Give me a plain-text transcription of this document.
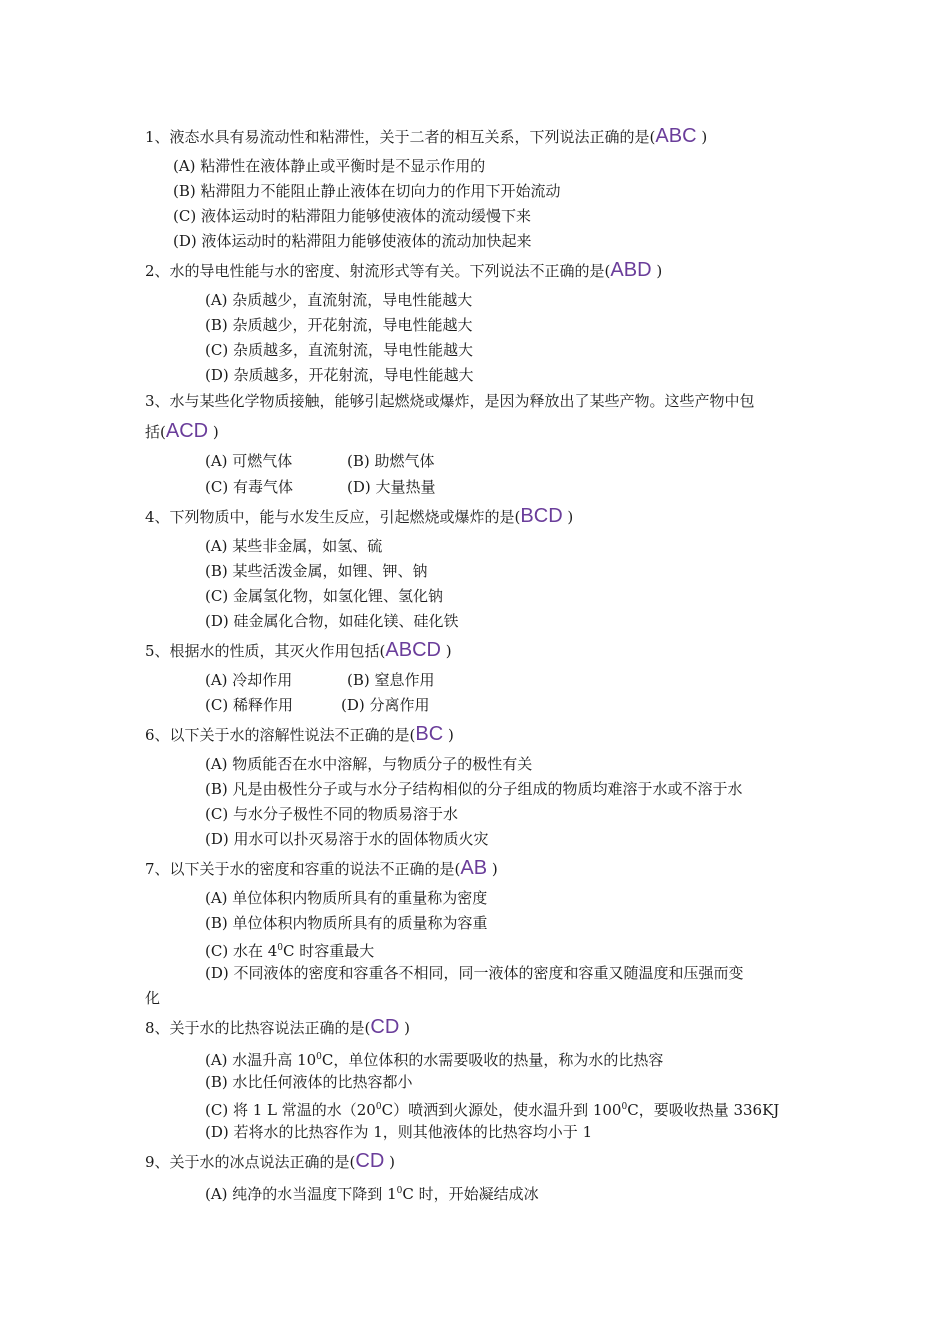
1、液态水具有易流动性和粘滞性，关于二者的相互关系，下列说法正确的是(ABC )
(A) 粘滞性在液体静止或平衡时是不显示作用的
(B) 粘滞阻力不能阻止静止液体在切向力的作用下开始流动
(C) 液体运动时的粘滞阻力能够使液体的流动缓慢下来
(D) 液体运动时的粘滞阻力能够使液体的流动加快起来
2、水的导电性能与水的密度、射流形式等有关。下列说法不正确的是(ABD )
(A) 杂质越少，直流射流，导电性能越大
(B) 杂质越少，开花射流，导电性能越大
(C) 杂质越多，直流射流，导电性能越大
(D) 杂质越多，开花射流，导电性能越大
3、水与某些化学物质接触，能够引起燃烧或爆炸，是因为释放出了某些产物。这些产物中包
括(ACD )
(A) 可燃气体	(B) 助燃气体
(C) 有毒气体	(D) 大量热量
4、下列物质中，能与水发生反应，引起燃烧或爆炸的是(BCD )
(A) 某些非金属，如氢、硫
(B) 某些活泼金属，如锂、钾、钠
(C) 金属氢化物，如氢化锂、氢化钠
(D) 硅金属化合物，如硅化镁、硅化铁
5、根据水的性质，其灭火作用包括(ABCD )
(A) 冷却作用	(B) 窒息作用
(C) 稀释作用	(D) 分离作用
6、以下关于水的溶解性说法不正确的是(BC )
(A) 物质能否在水中溶解，与物质分子的极性有关
(B) 凡是由极性分子或与水分子结构相似的分子组成的物质均难溶于水或不溶于水
(C) 与水分子极性不同的物质易溶于水
(D) 用水可以扑灭易溶于水的固体物质火灾
7、以下关于水的密度和容重的说法不正确的是(AB )
(A) 单位体积内物质所具有的重量称为密度
(B) 单位体积内物质所具有的质量称为容重
(C) 水在 $4^0C$ 时容重最大
(D) 不同液体的密度和容重各不相同，同一液体的密度和容重又随温度和压强而变
化
8、关于水的比热容说法正确的是(CD )
(A) 水温升高 $10^0C$，单位体积的水需要吸收的热量，称为水的比热容
(B) 水比任何液体的比热容都小
(C) 将 1 L 常温的水$(20^0C)$喷洒到火源处，使水温升到 $100^0C$，要吸收热量 336KJ
(D) 若将水的比热容作为 1，则其他液体的比热容均小于 1
9、关于水的冰点说法正确的是(CD )
(A) 纯净的水当温度下降到 $1^0C$ 时，开始凝结成冰
